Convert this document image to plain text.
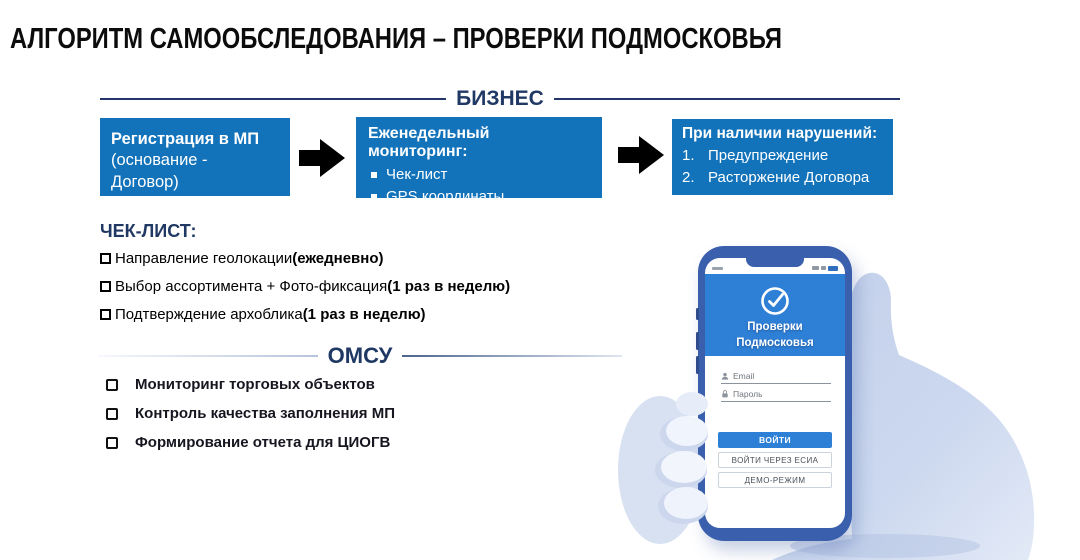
АЛГОРИТМ САМООБСЛЕДОВАНИЯ – ПРОВЕРКИ ПОДМОСКОВЬЯ
БИЗНЕС
Регистрация в МП
(основание - Договор)
Еженедельный мониторинг:
Чек-лист
GPS координаты
При наличии нарушений:
1. Предупреждение
2. Расторжение Договора
ЧЕК-ЛИСТ:
Направление геолокации (ежедневно)
Выбор ассортимента + Фото-фиксация (1 раз в неделю)
Подтверждение архоблика (1 раз в неделю)
ОМСУ
Мониторинг торговых объектов
Контроль качества заполнения МП
Формирование отчета для ЦИОГВ
Проверки
Подмосковья
Email
Пароль
ВОЙТИ
ВОЙТИ ЧЕРЕЗ ЕСИА
ДЕМО-РЕЖИМ
